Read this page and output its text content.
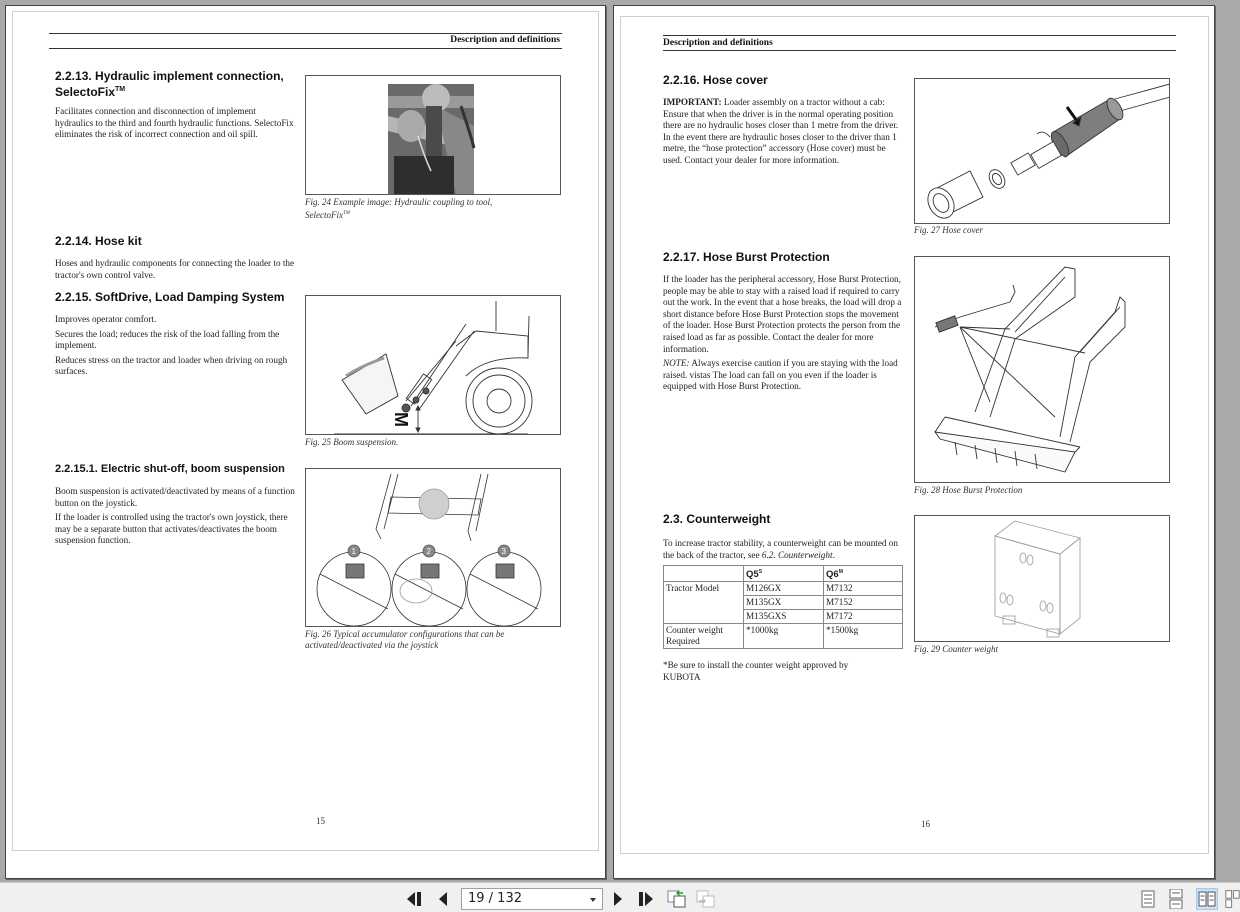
Description and definitions
2.2.13. Hydraulic implement connection,
SelectoFix™

Facilitates connection and disconnection of implement hydraulics to the third and fourth hydraulic functions. SelectoFix eliminates the risk of incorrect connection and oil spill.

Fig. 24 Example image: Hydraulic coupling to tool,
SelectoFix™
2.2.14. Hose kit

Hoses and hydraulic components for connecting the loader to the tractor's own control valve.

2.2.15. SoftDrive, Load Damping System

Improves operator comfort.

Secures the load; reduces the risk of the load falling from the implement.

Reduces stress on the tractor and loader when driving on rough surfaces.

M
Fig. 25 Boom suspension.
2.2.15.1. Electric shut-off, boom suspension

Boom suspension is activated/deactivated by means of a function button on the joystick.

If the loader is controlled using the tractor's own joystick, there may be a separate button that activates/deactivates the boom suspension function.

1	2	3
Fig. 26 Typical accumulator configurations that can be activated/deactivated via the joystick
15
Description and definitions
2.2.16. Hose cover

IMPORTANT: Loader assembly on a tractor without a cab: Ensure that when the driver is in the normal operating position there are no hydraulic hoses closer than 1 metre from the driver. In the event there are hydraulic hoses closer to the driver than 1 metre, the “hose protection” accessory (Hose cover) must be used. Contact your dealer for more information.

Fig. 27 Hose cover
2.2.17. Hose Burst Protection

If the loader has the peripheral accessory, Hose Burst Protection, people may be able to stay with a raised load if required to carry out the work. In the event that a hose breaks, the load will drop a short distance before Hose Burst Protection stops the movement of the loader. Hose Burst Protection protects the person from the raised load as far as possible. Contact the dealer for more information.

NOTE: Always exercise caution if you are staying with the load raised. vistas The load can fall on you even if the loader is equipped with Hose Burst Protection.

Fig. 28 Hose Burst Protection
2.3. Counterweight

To increase tractor stability, a counterweight can be mounted on the back of the tractor, see 6.2. Counterweight.

	$Q5^S$	$Q6^M$
Tractor Model	M126GX	M7132
	M135GX	M7152
	M135GXS	M7172
Counter weight
Required	*1000kg	*1500kg
*Be sure to install the counter weight approved by
KUBOTA
Fig. 29 Counter weight
16
19 / 132
